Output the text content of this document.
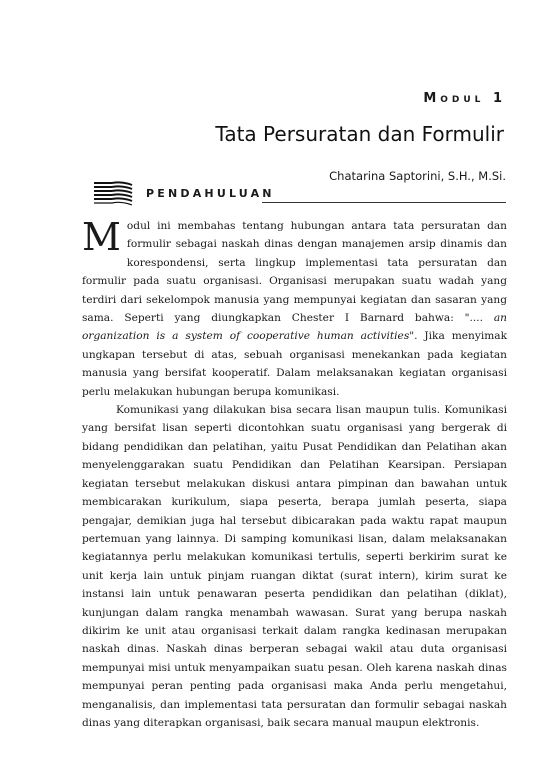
Modul 1
Tata Persuratan dan Formulir
Chatarina Saptorini, S.H., M.Si.
PENDAHULUAN

Modul ini membahas tentang hubungan antara tata persuratan dan formulir sebagai naskah dinas dengan manajemen arsip dinamis dan korespondensi, serta lingkup implementasi tata persuratan dan formulir pada suatu organisasi. Organisasi merupakan suatu wadah yang terdiri dari sekelompok manusia yang mempunyai kegiatan dan sasaran yang sama. Seperti yang diungkapkan Chester I Barnard bahwa: ".... an organization is a system of cooperative human activities". Jika menyimak ungkapan tersebut di atas, sebuah organisasi menekankan pada kegiatan manusia yang bersifat kooperatif. Dalam melaksanakan kegiatan organisasi perlu melakukan hubungan berupa komunikasi.

Komunikasi yang dilakukan bisa secara lisan maupun tulis. Komunikasi yang bersifat lisan seperti dicontohkan suatu organisasi yang bergerak di bidang pendidikan dan pelatihan, yaitu Pusat Pendidikan dan Pelatihan akan menyelenggarakan suatu Pendidikan dan Pelatihan Kearsipan. Persiapan kegiatan tersebut melakukan diskusi antara pimpinan dan bawahan untuk membicarakan kurikulum, siapa peserta, berapa jumlah peserta, siapa pengajar, demikian juga hal tersebut dibicarakan pada waktu rapat maupun pertemuan yang lainnya. Di samping komunikasi lisan, dalam melaksanakan kegiatannya perlu melakukan komunikasi tertulis, seperti berkirim surat ke unit kerja lain untuk pinjam ruangan diktat (surat intern), kirim surat ke instansi lain untuk penawaran peserta pendidikan dan pelatihan (diklat), kunjungan dalam rangka menambah wawasan. Surat yang berupa naskah dikirim ke unit atau organisasi terkait dalam rangka kedinasan merupakan naskah dinas. Naskah dinas berperan sebagai wakil atau duta organisasi mempunyai misi untuk menyampaikan suatu pesan. Oleh karena naskah dinas mempunyai peran penting pada organisasi maka Anda perlu mengetahui, menganalisis, dan implementasi tata persuratan dan formulir sebagai naskah dinas yang diterapkan organisasi, baik secara manual maupun elektronis.
